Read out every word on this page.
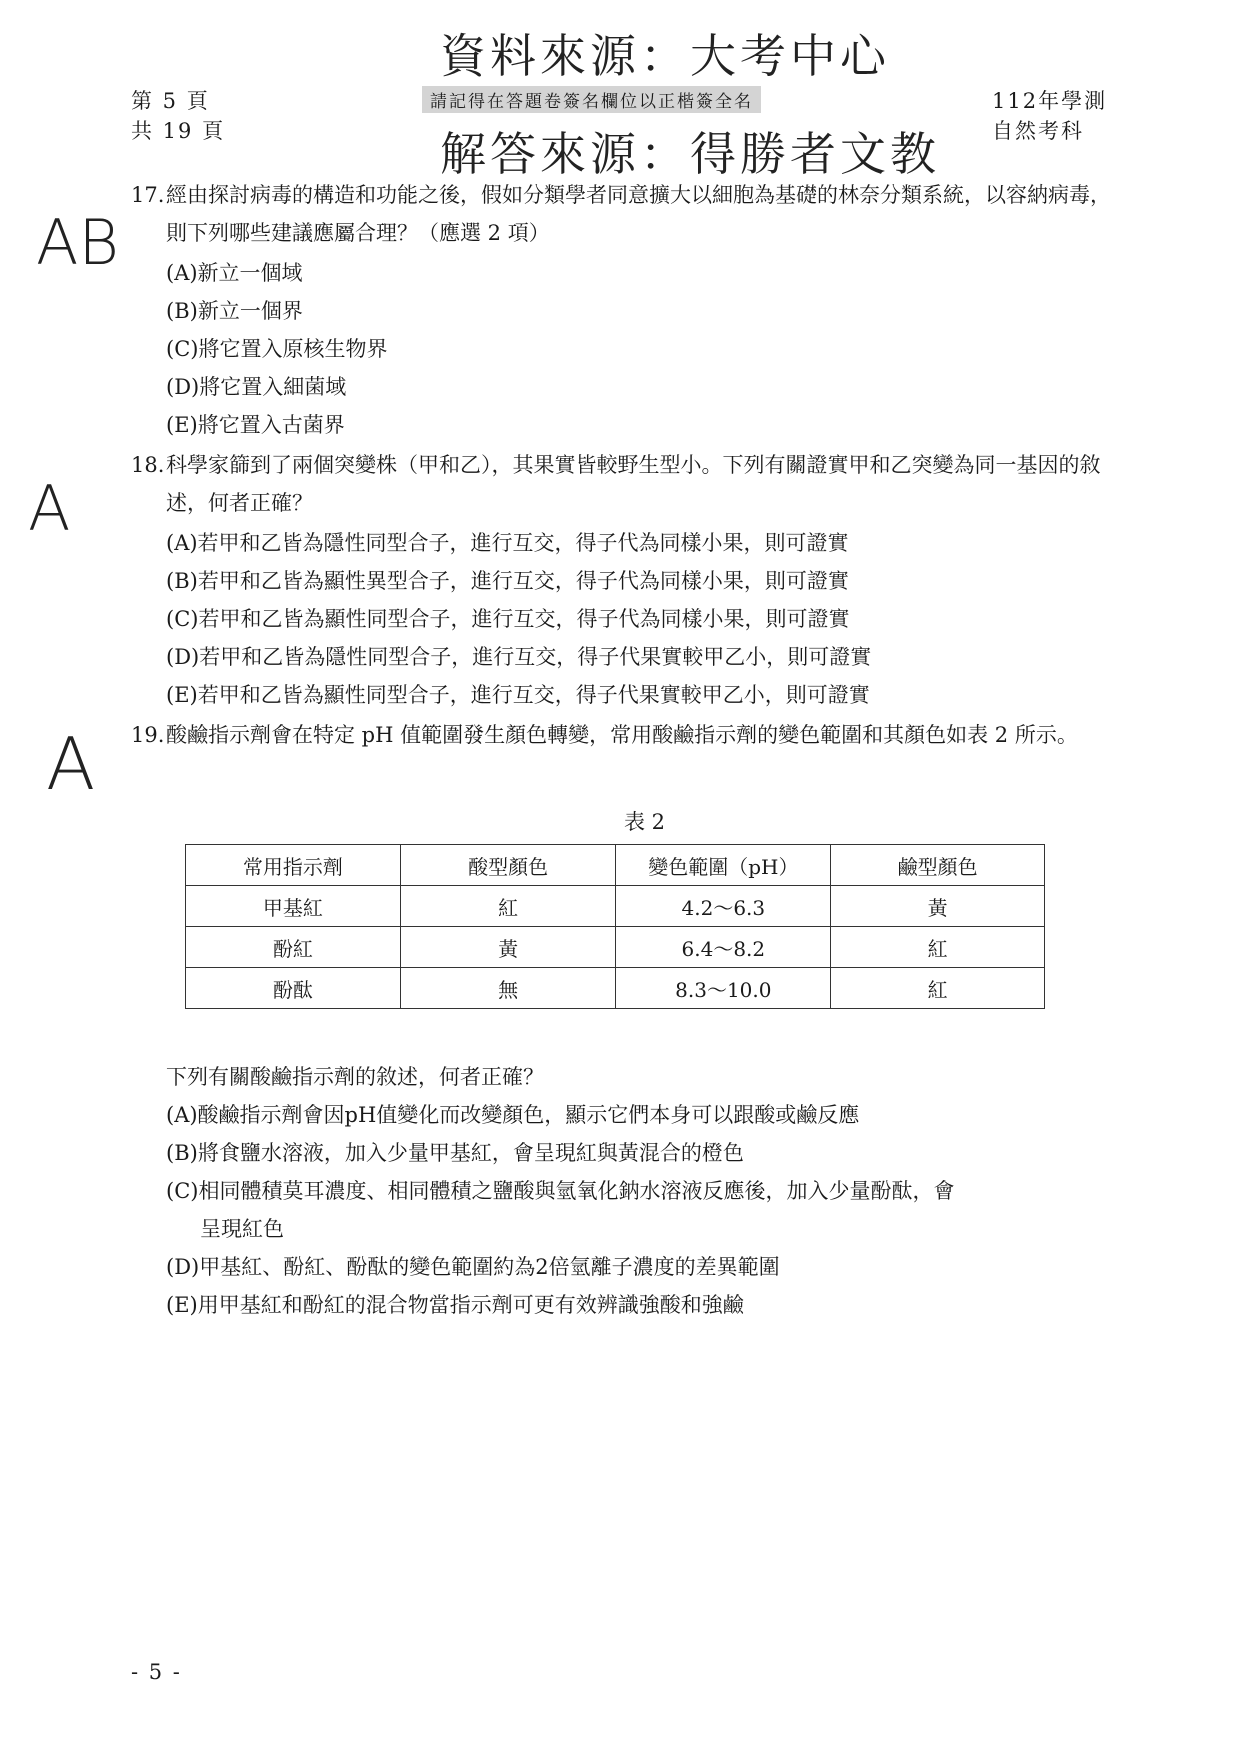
資料來源：大考中心
解答來源：得勝者文教
第 5 頁
共 19 頁
請記得在答題卷簽名欄位以正楷簽全名	112年學測
自然考科
AB
17. 經由探討病毒的構造和功能之後，假如分類學者同意擴大以細胞為基礎的林奈分類系統，以容納病毒，則下列哪些建議應屬合理？（應選 2 項）
(A)新立一個域
(B)新立一個界
(C)將它置入原核生物界
(D)將它置入細菌域
(E)將它置入古菌界
A
18. 科學家篩到了兩個突變株（甲和乙），其果實皆較野生型小。下列有關證實甲和乙突變為同一基因的敘述，何者正確？
(A)若甲和乙皆為隱性同型合子，進行互交，得子代為同樣小果，則可證實
(B)若甲和乙皆為顯性異型合子，進行互交，得子代為同樣小果，則可證實
(C)若甲和乙皆為顯性同型合子，進行互交，得子代為同樣小果，則可證實
(D)若甲和乙皆為隱性同型合子，進行互交，得子代果實較甲乙小，則可證實
(E)若甲和乙皆為顯性同型合子，進行互交，得子代果實較甲乙小，則可證實
A 19. 酸鹼指示劑會在特定 pH 值範圍發生顏色轉變，常用酸鹼指示劑的變色範圍和其顏色如表 2 所示。
表 2
常用指示劑	酸型顏色	變色範圍（pH）	鹼型顏色
甲基紅	紅	4.2～6.3	黃
酚紅	黃	6.4～8.2	紅
酚酞	無	8.3～10.0	紅
下列有關酸鹼指示劑的敘述，何者正確？
(A)酸鹼指示劑會因pH值變化而改變顏色，顯示它們本身可以跟酸或鹼反應
(B)將食鹽水溶液，加入少量甲基紅，會呈現紅與黃混合的橙色
(C)相同體積莫耳濃度、相同體積之鹽酸與氫氧化鈉水溶液反應後，加入少量酚酞，會
呈現紅色
(D)甲基紅、酚紅、酚酞的變色範圍約為2倍氫離子濃度的差異範圍
(E)用甲基紅和酚紅的混合物當指示劑可更有效辨識強酸和強鹼
- 5 -
